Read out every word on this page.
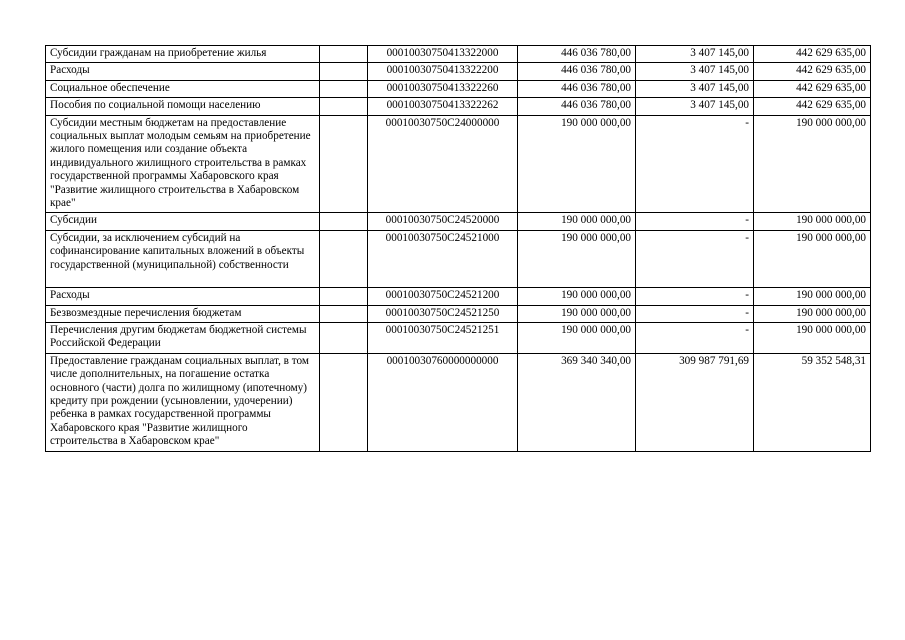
Субсидии гражданам на приобретение жилья		00010030750413322000	446 036 780,00	3 407 145,00	442 629 635,00
Расходы		00010030750413322200	446 036 780,00	3 407 145,00	442 629 635,00
Социальное обеспечение		00010030750413322260	446 036 780,00	3 407 145,00	442 629 635,00
Пособия по социальной помощи населению		00010030750413322262	446 036 780,00	3 407 145,00	442 629 635,00
Субсидии местным бюджетам на предоставление социальных выплат молодым семьям на приобретение жилого помещения или создание объекта индивидуального жилищного строительства в рамках государственной программы Хабаровского края "Развитие жилищного строительства в Хабаровском крае"		00010030750C24000000	190 000 000,00	-	190 000 000,00
Субсидии		00010030750C24520000	190 000 000,00	-	190 000 000,00
Субсидии, за исключением субсидий на софинансирование капитальных вложений в объекты государственной (муниципальной) собственности		00010030750C24521000	190 000 000,00	-	190 000 000,00
Расходы		00010030750C24521200	190 000 000,00	-	190 000 000,00
Безвозмездные перечисления бюджетам		00010030750C24521250	190 000 000,00	-	190 000 000,00
Перечисления другим бюджетам бюджетной системы Российской Федерации		00010030750C24521251	190 000 000,00	-	190 000 000,00
Предоставление гражданам социальных выплат, в том числе дополнительных, на погашение остатка основного (части) долга по жилищному (ипотечному) кредиту при рождении (усыновлении, удочерении) ребенка в рамках государственной программы Хабаровского края "Развитие жилищного строительства в Хабаровском крае"		00010030760000000000	369 340 340,00	309 987 791,69	59 352 548,31
